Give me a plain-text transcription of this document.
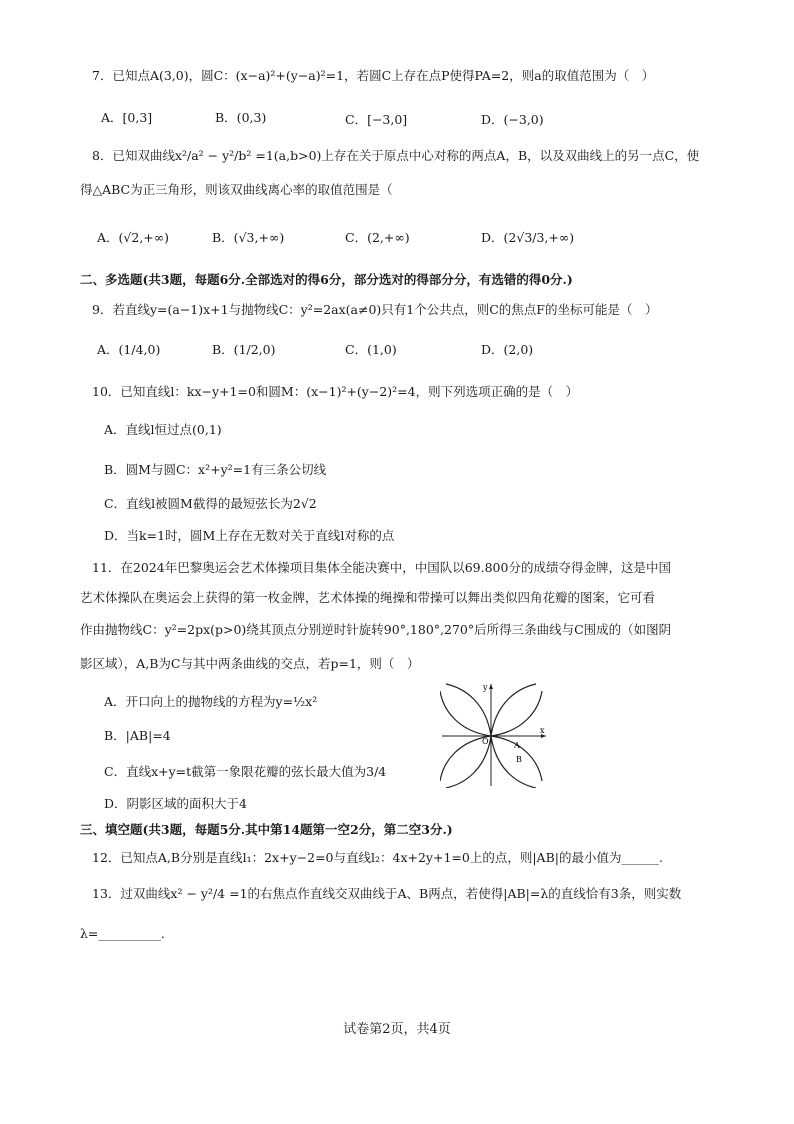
7．已知点A(3,0)，圆C：(x−a)²+(y−a)²=1，若圆C上存在点P使得PA=2，则a的取值范围为（　）
A．[0,3]	B．(0,3)	C．[−3,0]	D．(−3,0)
8．已知双曲线x²/a² − y²/b² =1(a,b>0)上存在关于原点中心对称的两点A，B，以及双曲线上的另一点C，使
得△ABC为正三角形，则该双曲线离心率的取值范围是（
A．(√2,+∞)	B．(√3,+∞)	C．(2,+∞)	D．(2√3/3,+∞)
二、多选题(共3题，每题6分.全部选对的得6分，部分选对的得部分分，有选错的得0分.)
9．若直线y=(a−1)x+1与抛物线C：y²=2ax(a≠0)只有1个公共点，则C的焦点F的坐标可能是（　）
A．(1/4,0)	B．(1/2,0)	C．(1,0)	D．(2,0)
10．已知直线l：kx−y+1=0和圆M：(x−1)²+(y−2)²=4，则下列选项正确的是（　）
A．直线l恒过点(0,1)
B．圆M与圆C：x²+y²=1有三条公切线
C．直线l被圆M截得的最短弦长为2√2
D．当k=1时，圆M上存在无数对关于直线l对称的点
11．在2024年巴黎奥运会艺术体操项目集体全能决赛中，中国队以69.800分的成绩夺得金牌，这是中国
艺术体操队在奥运会上获得的第一枚金牌，艺术体操的绳操和带操可以舞出类似四角花瓣的图案，它可看
作由抛物线C：y²=2px(p>0)绕其顶点分别逆时针旋转90°,180°,270°后所得三条曲线与C围成的（如图阴
影区域），A,B为C与其中两条曲线的交点，若p=1，则（　）
A．开口向上的抛物线的方程为y=½x²
B．|AB|=4
C．直线x+y=t截第一象限花瓣的弦长最大值为3/4
D．阴影区域的面积大于4
y
x
O	A
B
三、填空题(共3题，每题5分.其中第14题第一空2分，第二空3分.)
12．已知点A,B分别是直线l₁：2x+y−2=0与直线l₂：4x+2y+1=0上的点，则|AB|的最小值为______.
13．过双曲线x² − y²/4 =1的右焦点作直线交双曲线于A、B两点，若使得|AB|=λ的直线恰有3条，则实数
λ=__________.
试卷第2页，共4页
